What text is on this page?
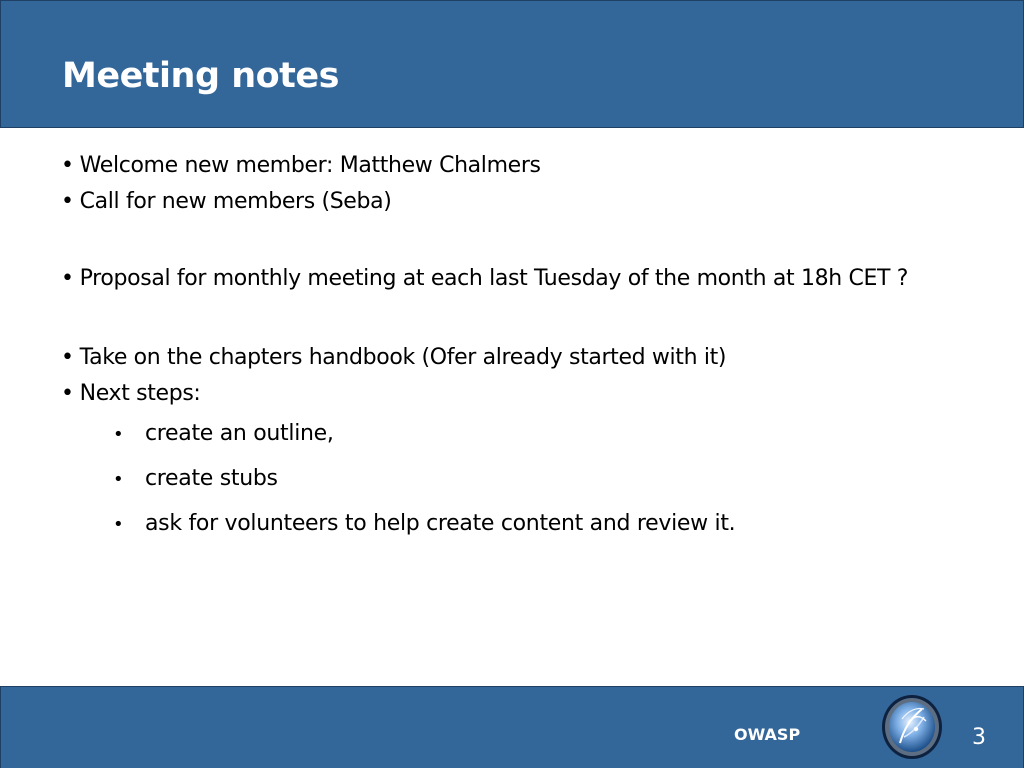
Meeting notes

• Welcome new member: Matthew Chalmers

• Call for new members (Seba)

• Proposal for monthly meeting at each last Tuesday of the month at 18h CET ?

• Take on the chapters handbook (Ofer already started with it)

• Next steps:

• create an outline,

• create stubs

• ask for volunteers to help create content and review it.

OWASP	3
